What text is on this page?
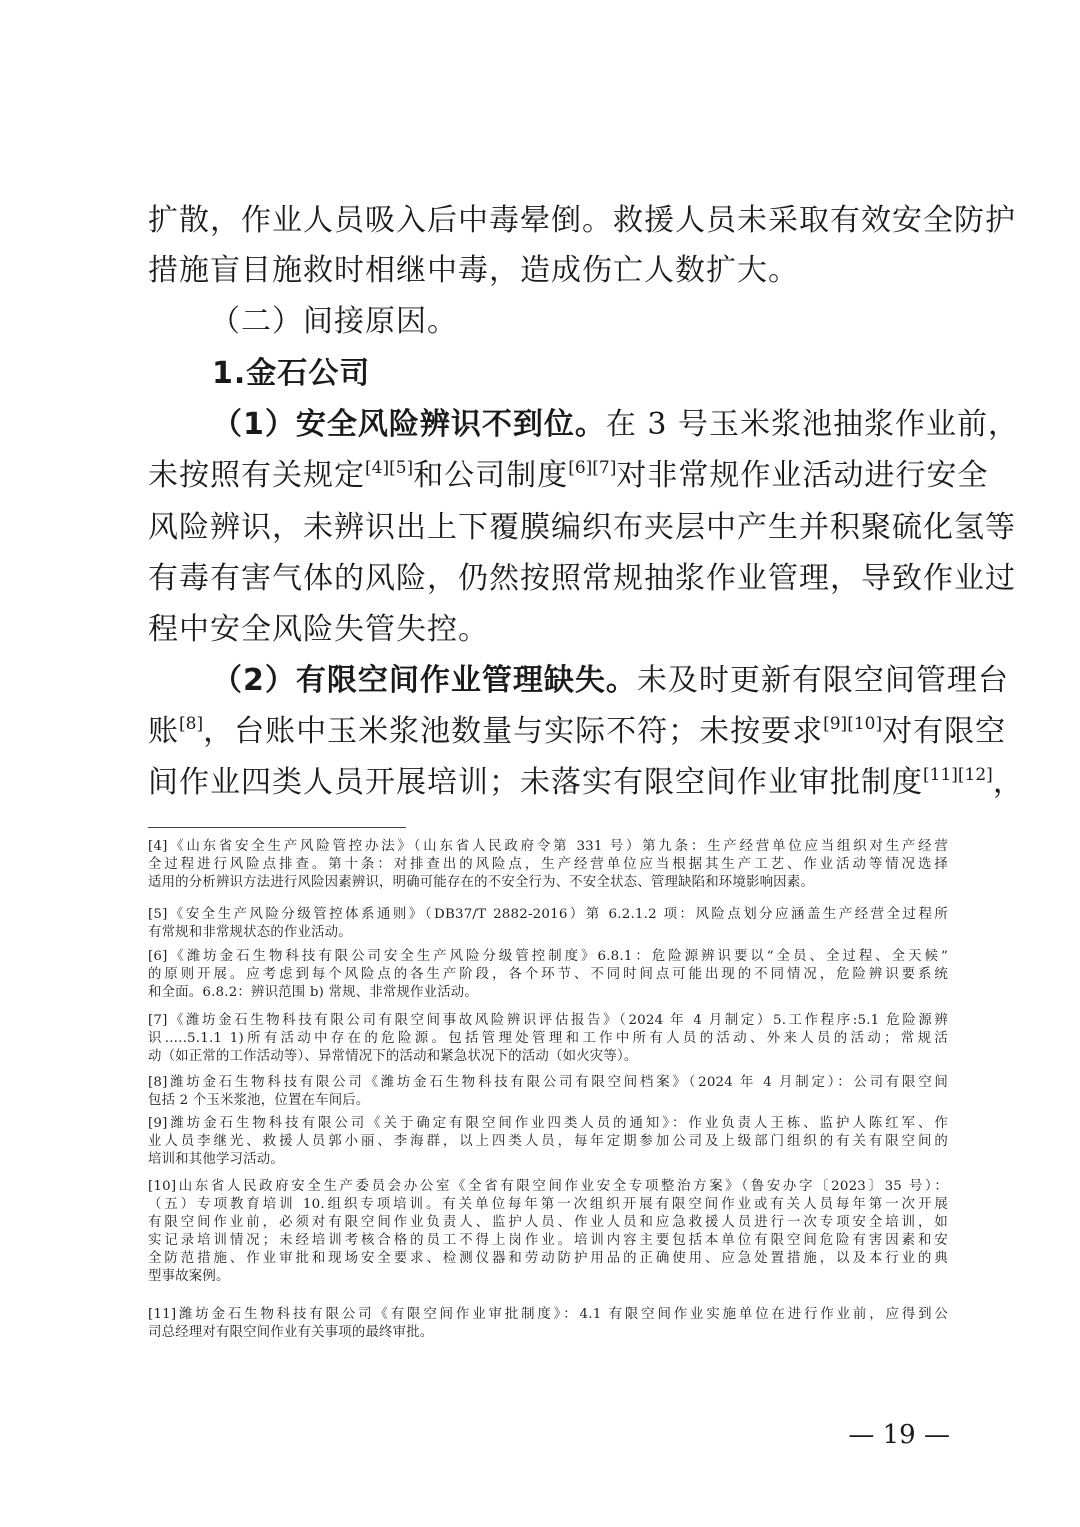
扩散，作业人员吸入后中毒晕倒。救援人员未采取有效安全防护
措施盲目施救时相继中毒，造成伤亡人数扩大。
（二）间接原因。
1.金石公司
（1）安全风险辨识不到位。在 3 号玉米浆池抽浆作业前，
未按照有关规定[4][5]和公司制度[6][7]对非常规作业活动进行安全
风险辨识，未辨识出上下覆膜编织布夹层中产生并积聚硫化氢等
有毒有害气体的风险，仍然按照常规抽浆作业管理，导致作业过
程中安全风险失管失控。
（2）有限空间作业管理缺失。未及时更新有限空间管理台
账[8]，台账中玉米浆池数量与实际不符；未按要求[9][10]对有限空
间作业四类人员开展培训；未落实有限空间作业审批制度[11][12]，
[4]《山东省安全生产风险管控办法》（山东省人民政府令第 331 号）第九条：生产经营单位应当组织对生产经营
全过程进行风险点排查。第十条：对排查出的风险点，生产经营单位应当根据其生产工艺、作业活动等情况选择
适用的分析辨识方法进行风险因素辨识，明确可能存在的不安全行为、不安全状态、管理缺陷和环境影响因素。
[5]《安全生产风险分级管控体系通则》（DB37/T 2882-2016）第 6.2.1.2 项：风险点划分应涵盖生产经营全过程所
有常规和非常规状态的作业活动。
[6]《潍坊金石生物科技有限公司安全生产风险分级管控制度》6.8.1：危险源辨识要以“全员、全过程、全天候”
的原则开展。应考虑到每个风险点的各生产阶段，各个环节、不同时间点可能出现的不同情况，危险辨识要系统
和全面。6.8.2：辨识范围 b) 常规、非常规作业活动。
[7]《潍坊金石生物科技有限公司有限空间事故风险辨识评估报告》（2024 年 4 月制定）5.工作程序:5.1 危险源辨
识.....5.1.1 1)所有活动中存在的危险源。包括管理处管理和工作中所有人员的活动、外来人员的活动；常规活
动（如正常的工作活动等）、异常情况下的活动和紧急状况下的活动（如火灾等）。
[8]潍坊金石生物科技有限公司《潍坊金石生物科技有限公司有限空间档案》（2024 年 4 月制定）：公司有限空间
包括 2 个玉米浆池，位置在车间后。
[9]潍坊金石生物科技有限公司《关于确定有限空间作业四类人员的通知》：作业负责人王栋、监护人陈红军、作
业人员李继光、救援人员郭小丽、李海群，以上四类人员，每年定期参加公司及上级部门组织的有关有限空间的
培训和其他学习活动。
[10]山东省人民政府安全生产委员会办公室《全省有限空间作业安全专项整治方案》（鲁安办字〔2023〕35 号）：
（五）专项教育培训 10.组织专项培训。有关单位每年第一次组织开展有限空间作业或有关人员每年第一次开展
有限空间作业前，必须对有限空间作业负责人、监护人员、作业人员和应急救援人员进行一次专项安全培训，如
实记录培训情况；未经培训考核合格的员工不得上岗作业。培训内容主要包括本单位有限空间危险有害因素和安
全防范措施、作业审批和现场安全要求、检测仪器和劳动防护用品的正确使用、应急处置措施，以及本行业的典
型事故案例。
[11]潍坊金石生物科技有限公司《有限空间作业审批制度》：4.1 有限空间作业实施单位在进行作业前，应得到公
司总经理对有限空间作业有关事项的最终审批。
— 19 —
